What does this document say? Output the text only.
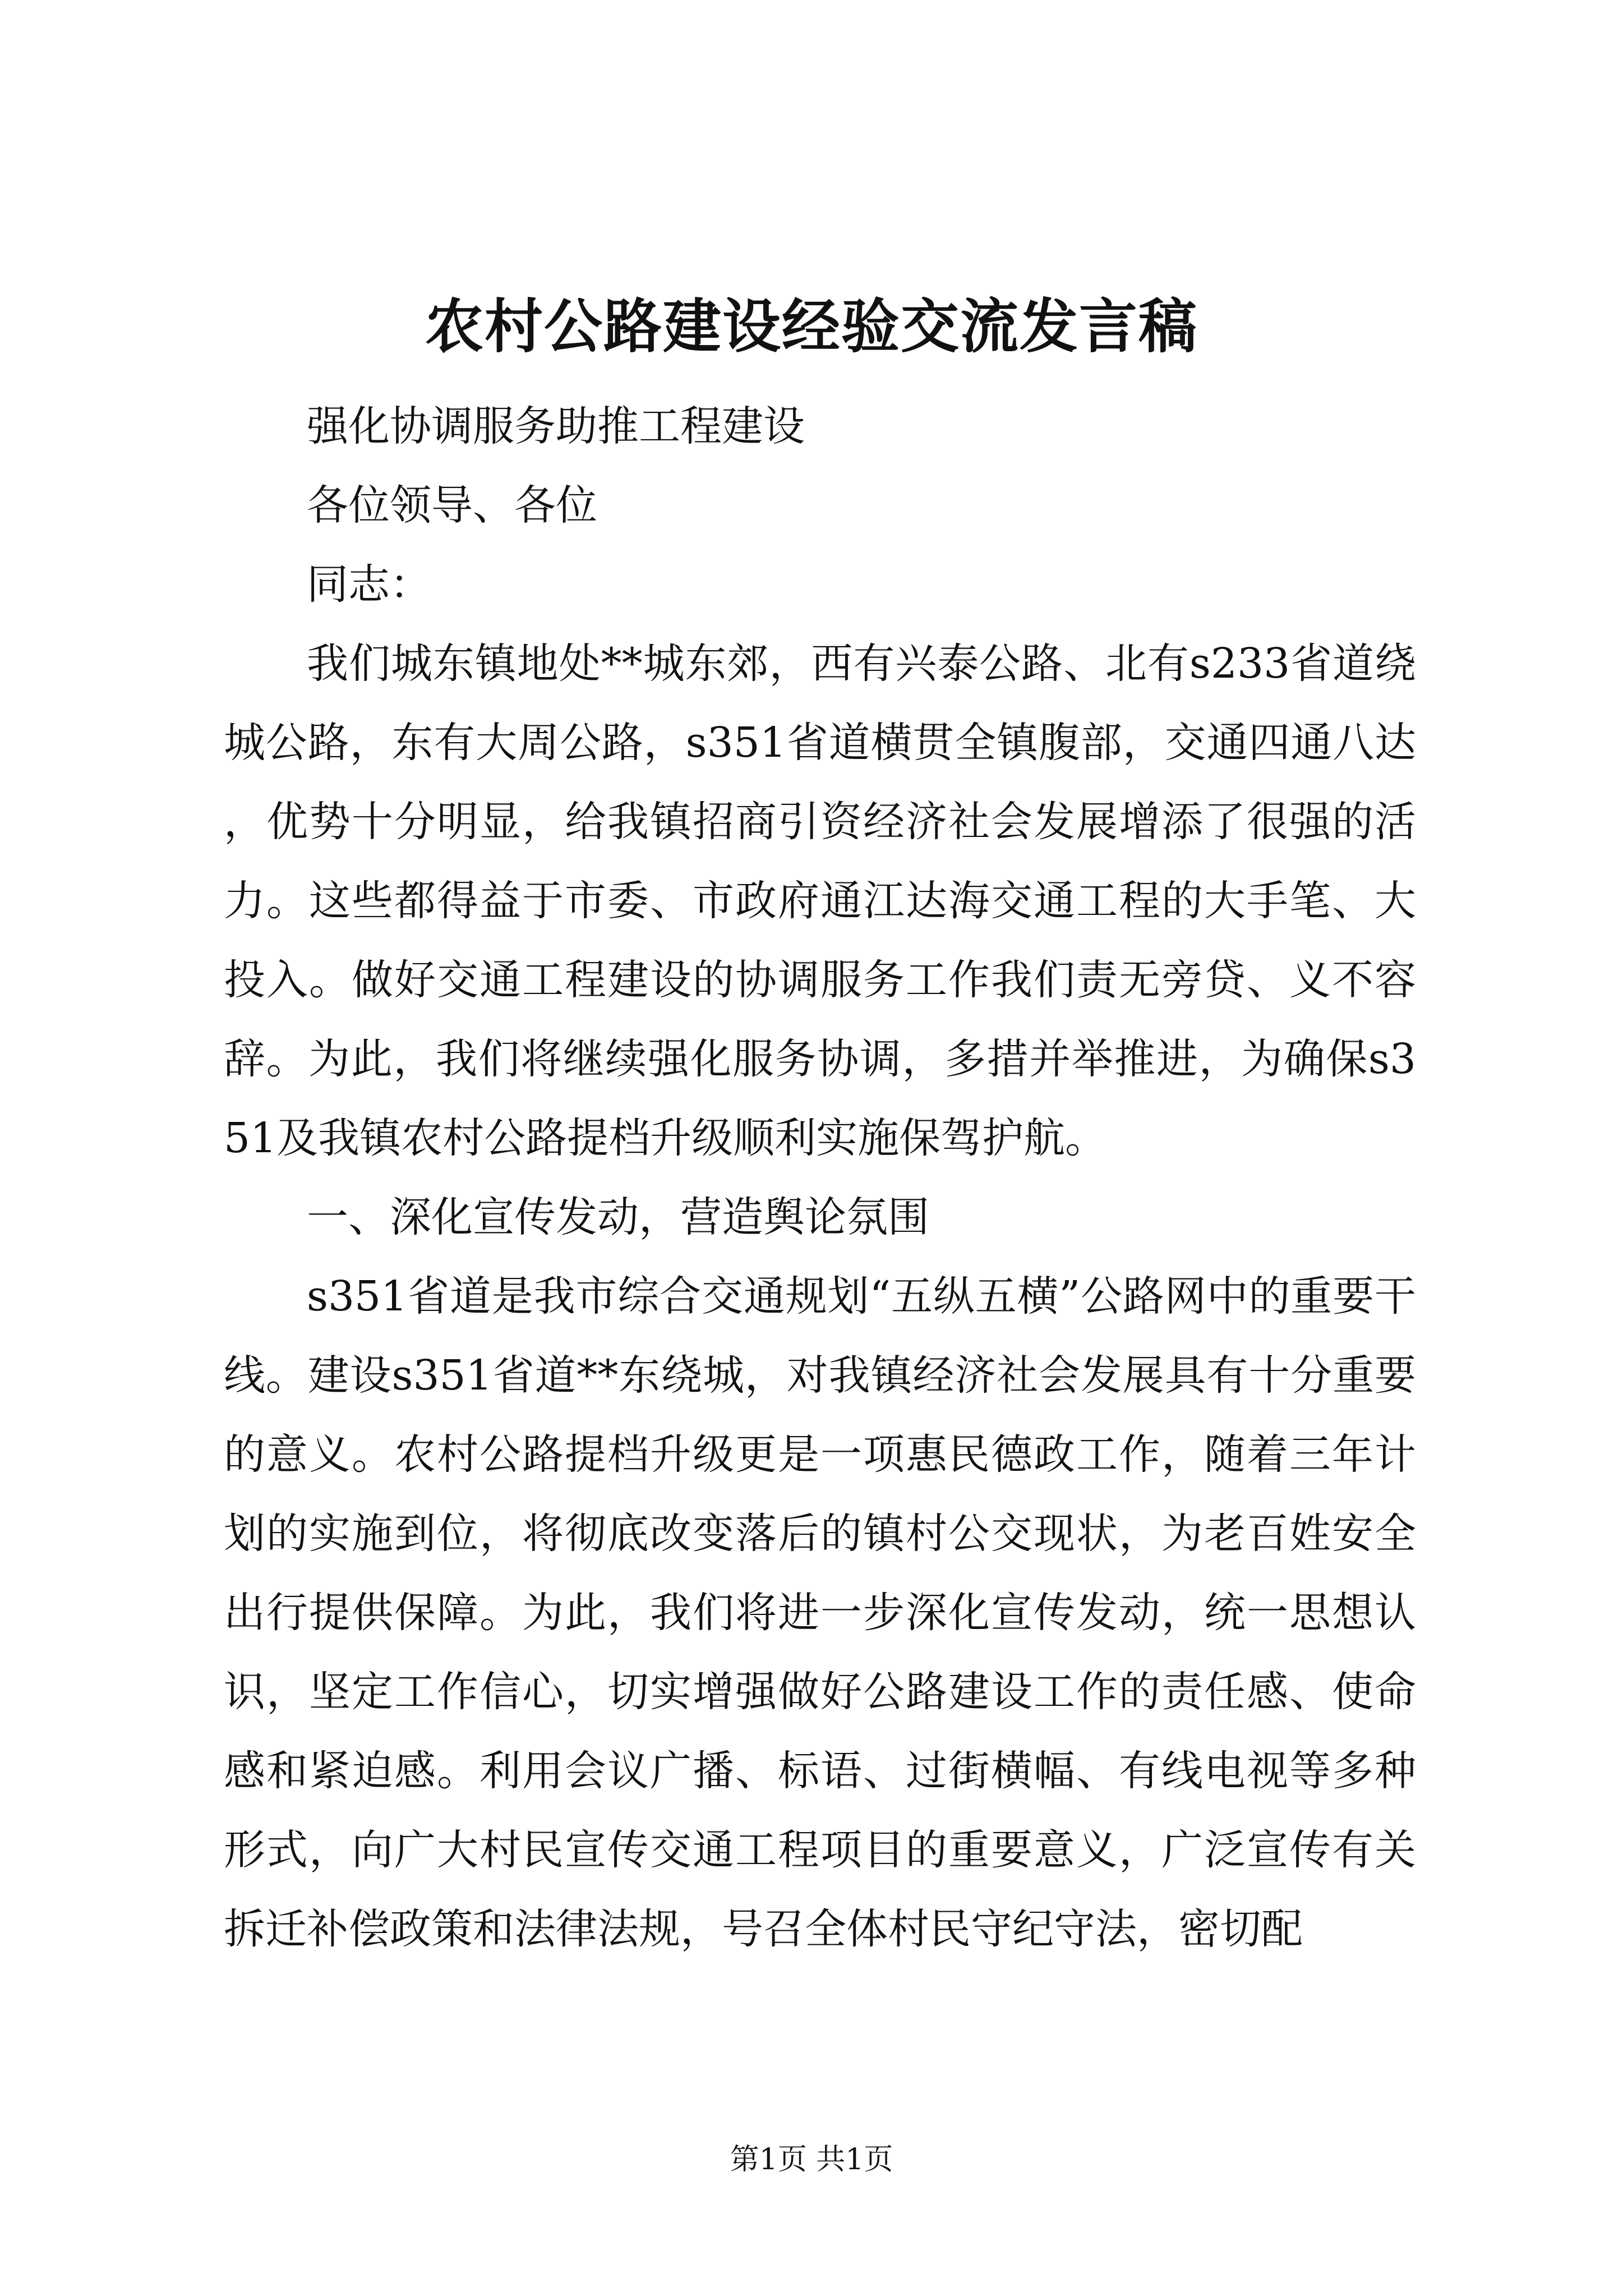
农村公路建设经验交流发言稿

强化协调服务助推工程建设

各位领导、各位

同志：

我们城东镇地处**城东郊，西有兴泰公路、北有s233省道绕城公路，东有大周公路，s351省道横贯全镇腹部，交通四通八达，优势十分明显，给我镇招商引资经济社会发展增添了很强的活力。这些都得益于市委、市政府通江达海交通工程的大手笔、大投入。做好交通工程建设的协调服务工作我们责无旁贷、义不容辞。为此，我们将继续强化服务协调，多措并举推进，为确保s351及我镇农村公路提档升级顺利实施保驾护航。

一、深化宣传发动，营造舆论氛围

s351省道是我市综合交通规划“五纵五横”公路网中的重要干线。建设s351省道**东绕城，对我镇经济社会发展具有十分重要的意义。农村公路提档升级更是一项惠民德政工作，随着三年计划的实施到位，将彻底改变落后的镇村公交现状，为老百姓安全出行提供保障。为此，我们将进一步深化宣传发动，统一思想认识，坚定工作信心，切实增强做好公路建设工作的责任感、使命感和紧迫感。利用会议广播、标语、过街横幅、有线电视等多种形式，向广大村民宣传交通工程项目的重要意义，广泛宣传有关拆迁补偿政策和法律法规，号召全体村民守纪守法，密切配

第1页 共1页
